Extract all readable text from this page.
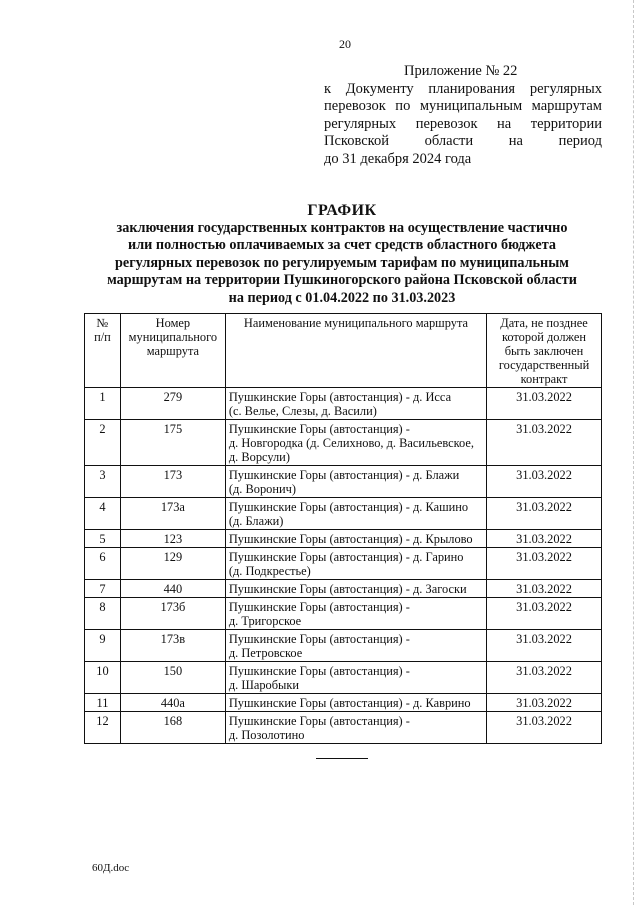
20
Приложение № 22
к Документу планирования регулярных
перевозок по муниципальным маршрутам
регулярных перевозок на территории
Псковской области на период
до 31 декабря 2024 года
ГРАФИК
заключения государственных контрактов на осуществление частично
или полностью оплачиваемых за счет средств областного бюджета
регулярных перевозок по регулируемым тарифам по муниципальным
маршрутам на территории Пушкиногорского района Псковской области
на период с 01.04.2022 по 31.03.2023
№
п/п	Номер
муниципального
маршрута	Наименование муниципального маршрута	Дата, не позднее
которой должен
быть заключен
государственный
контракт
1	279	Пушкинские Горы (автостанция) - д. Исса
(с. Велье, Слезы, д. Васили)	31.03.2022
2	175	Пушкинские Горы (автостанция) -
д. Новгородка (д. Селихново, д. Васильевское,
д. Ворсули)	31.03.2022
3	173	Пушкинские Горы (автостанция) - д. Блажи
(д. Воронич)	31.03.2022
4	173а	Пушкинские Горы (автостанция) - д. Кашино
(д. Блажи)	31.03.2022
5	123	Пушкинские Горы (автостанция) - д. Крылово	31.03.2022
6	129	Пушкинские Горы (автостанция) - д. Гарино
(д. Подкрестье)	31.03.2022
7	440	Пушкинские Горы (автостанция) - д. Загоски	31.03.2022
8	173б	Пушкинские Горы (автостанция) -
д. Тригорское	31.03.2022
9	173в	Пушкинские Горы (автостанция) -
д. Петровское	31.03.2022
10	150	Пушкинские Горы (автостанция) -
д. Шаробыки	31.03.2022
11	440а	Пушкинские Горы (автостанция) - д. Каврино	31.03.2022
12	168	Пушкинские Горы (автостанция) -
д. Позолотино	31.03.2022
60Д.doc
